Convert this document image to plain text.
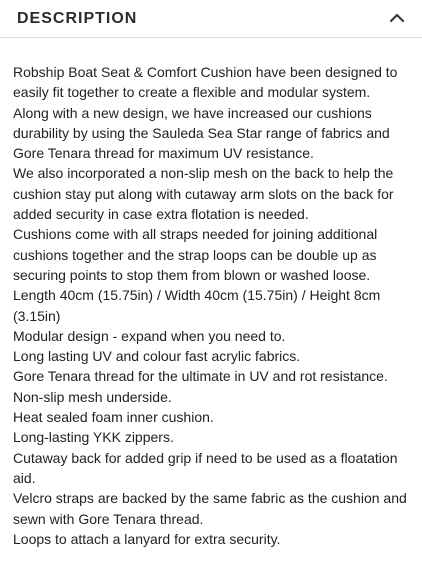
DESCRIPTION

Robship Boat Seat & Comfort Cushion have been designed to easily fit together to create a flexible and modular system.

Along with a new design, we have increased our cushions durability by using the Sauleda Sea Star range of fabrics and Gore Tenara thread for maximum UV resistance.

We also incorporated a non-slip mesh on the back to help the cushion stay put along with cutaway arm slots on the back for added security in case extra flotation is needed.

Cushions come with all straps needed for joining additional cushions together and the strap loops can be double up as securing points to stop them from blown or washed loose.

Length 40cm (15.75in) / Width 40cm (15.75in) / Height 8cm (3.15in)

Modular design - expand when you need to.

Long lasting UV and colour fast acrylic fabrics.

Gore Tenara thread for the ultimate in UV and rot resistance.

Non-slip mesh underside.

Heat sealed foam inner cushion.

Long-lasting YKK zippers.

Cutaway back for added grip if need to be used as a floatation aid.

Velcro straps are backed by the same fabric as the cushion and sewn with Gore Tenara thread.

Loops to attach a lanyard for extra security.
